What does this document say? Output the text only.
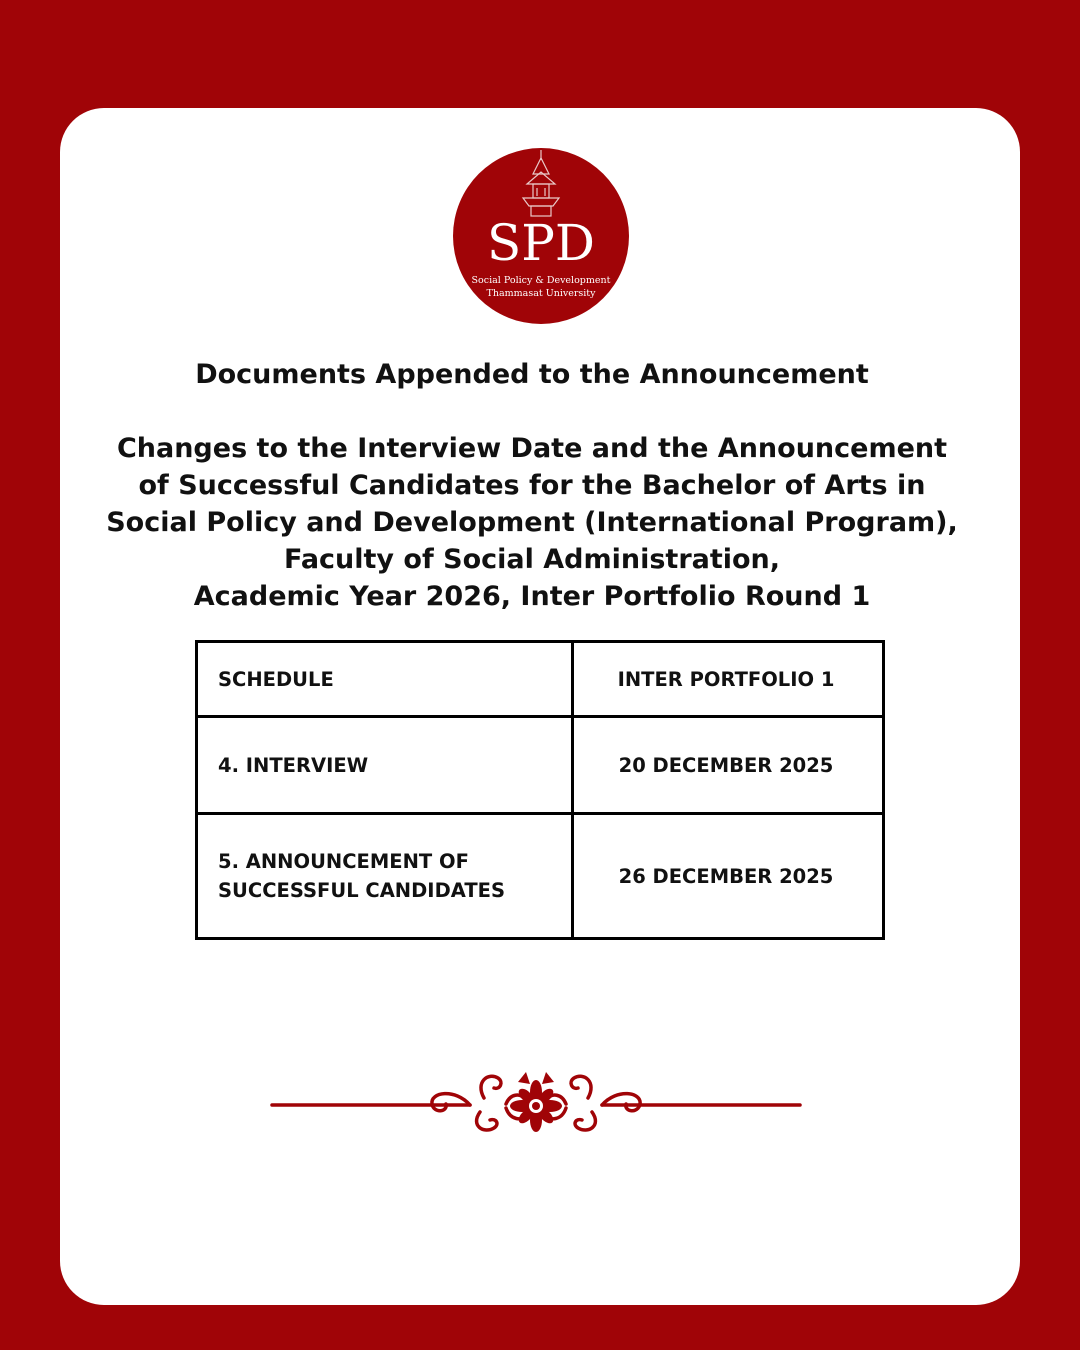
SPD
Social Policy & Development
Thammasat University
Documents Appended to the Announcement
Changes to the Interview Date and the Announcement
of Successful Candidates for the Bachelor of Arts in
Social Policy and Development (International Program),
Faculty of Social Administration,
Academic Year 2026, Inter Portfolio Round 1
SCHEDULE	INTER PORTFOLIO 1
4. INTERVIEW	20 DECEMBER 2025

5. ANNOUNCEMENT OF
SUCCESSFUL CANDIDATES	26 DECEMBER 2025
